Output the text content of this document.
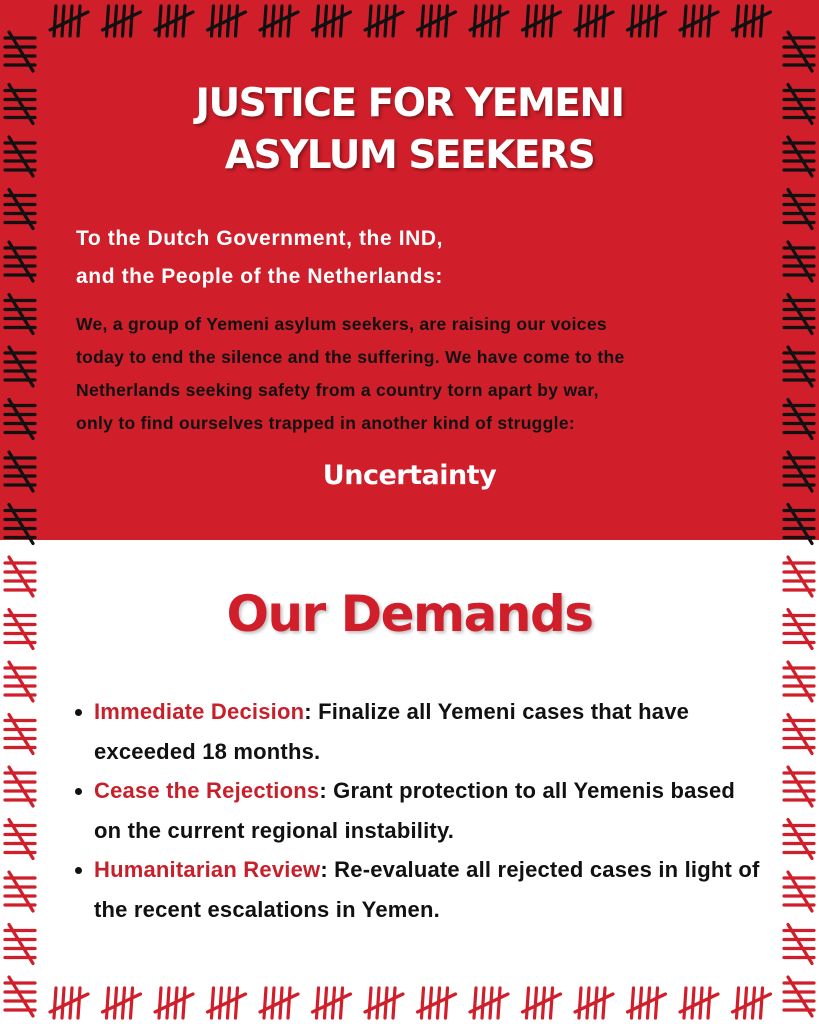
JUSTICE FOR YEMENI
ASYLUM SEEKERS
To the Dutch Government, the IND,
and the People of the Netherlands:
We, a group of Yemeni asylum seekers, are raising our voices
today to end the silence and the suffering. We have come to the
Netherlands seeking safety from a country torn apart by war,
only to find ourselves trapped in another kind of struggle:
Uncertainty
Our Demands
Immediate Decision: Finalize all Yemeni cases that have exceeded 18 months.
Cease the Rejections: Grant protection to all Yemenis based on the current regional instability.
Humanitarian Review: Re-evaluate all rejected cases in light of the recent escalations in Yemen.
